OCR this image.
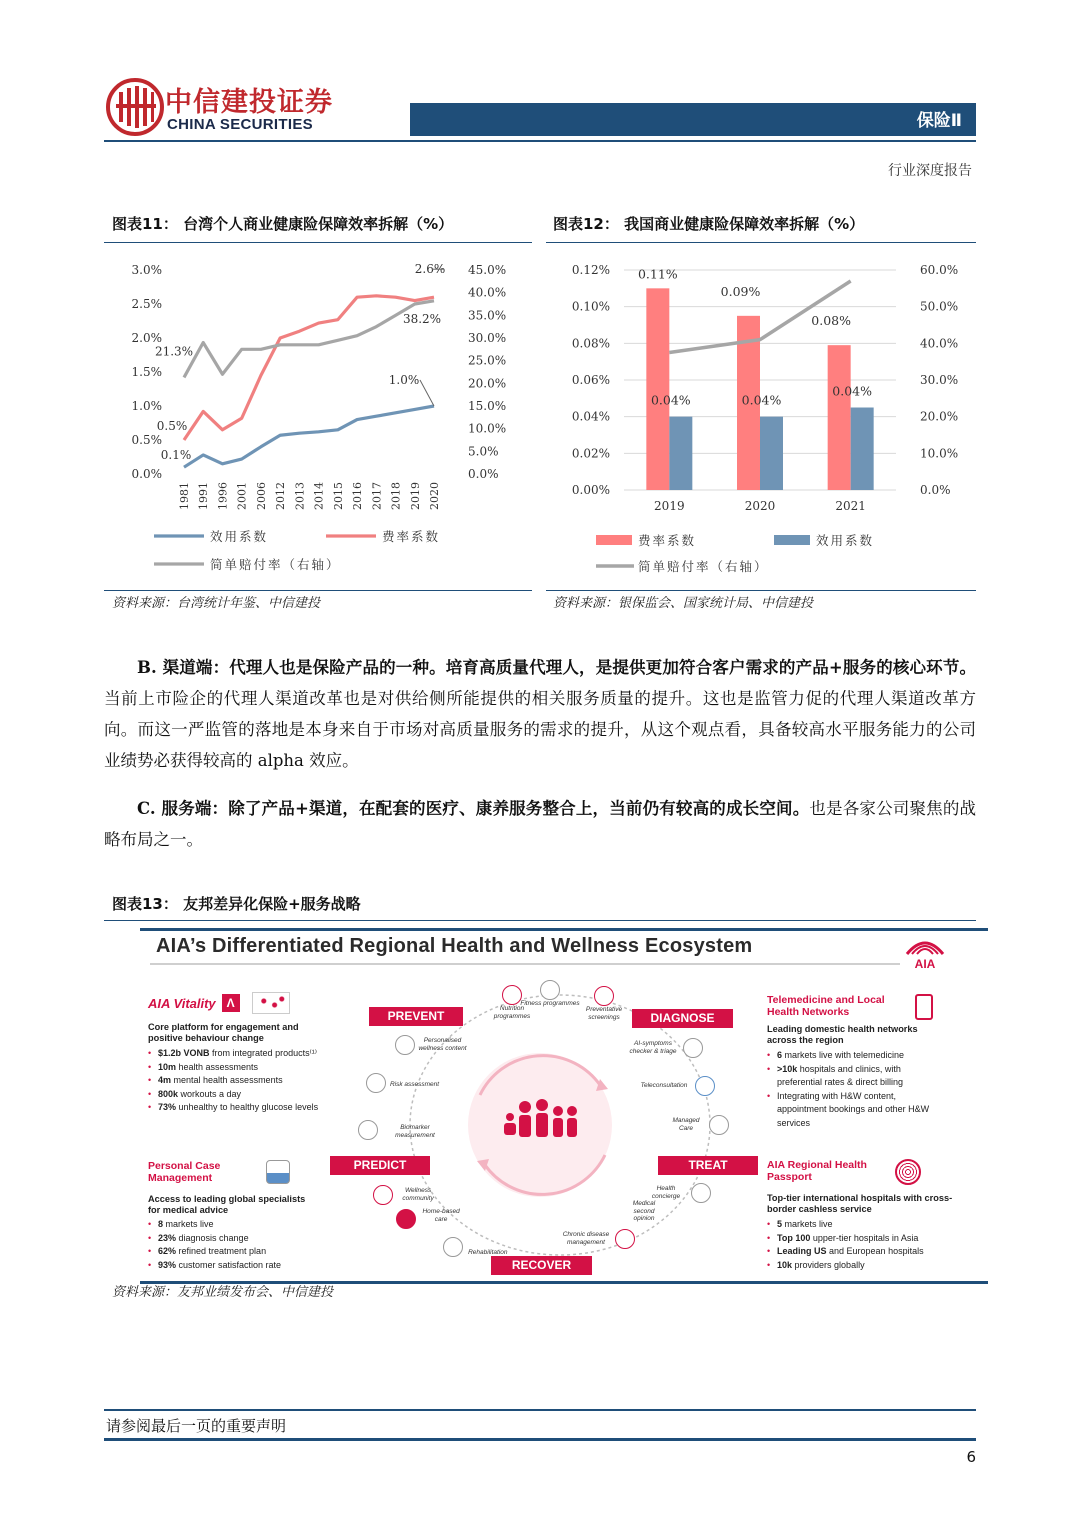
中信建投证券
CHINA SECURITIES	保险Ⅱ
行业深度报告
图表11： 台湾个人商业健康险保障效率拆解（%）	图表12： 我国商业健康险保障效率拆解（%）
3.0%
2.5%
2.0%
1.5%
1.0%
0.5%
0.0%
45.0%
40.0%
35.0%
30.0%
25.0%
20.0%
15.0%
10.0%
5.0%
0.0%
1981 1991 1996 2001 2006 2012 2013 2014 2015 2016 2017 2018 2019 2020
2.6%
38.2%
21.3%
1.0%
0.5%
0.1%
效用系数	费率系数
简单赔付率（右轴）
0.12%
0.10%
0.08%
0.06%
0.04%
0.02%
0.00%
60.0%
50.0%
40.0%
30.0%
20.0%
10.0%
0.0%
2019
0.11%
0.04%
2020
0.09%
0.04%
2021
0.08%
0.04%
费率系数	效用系数
简单赔付率（右轴）
资料来源：台湾统计年鉴、中信建投	资料来源：银保监会、国家统计局、中信建投
B. 渠道端：代理人也是保险产品的一种。培育高质量代理人，是提供更加符合客户需求的产品+服务的核心环节。当前上市险企的代理人渠道改革也是对供给侧所能提供的相关服务质量的提升。这也是监管力促的代理人渠道改革方向。而这一严监管的落地是本身来自于市场对高质量服务的需求的提升，从这个观点看，具备较高水平服务能力的公司业绩势必获得较高的 alpha 效应。
C. 服务端：除了产品+渠道，在配套的医疗、康养服务整合上，当前仍有较高的成长空间。也是各家公司聚焦的战略布局之一。
图表13： 友邦差异化保险+服务战略
AIA’s Differentiated Regional Health and Wellness Ecosystem
AIA
AIA Vitality Λ
Core platform for engagement and positive behaviour change
• $1.2b VONB from integrated products⁽¹⁾
• 10m health assessments
• 4m mental health assessments
• 800k workouts a day
• 73% unhealthy to healthy glucose levels
Personal Case Management
Access to leading global specialists for medical advice
• 8 markets live
• 23% diagnosis change
• 62% refined treatment plan
• 93% customer satisfaction rate
Telemedicine and Local Health Networks
Leading domestic health networks across the region
• 6 markets live with telemedicine
• >10k hospitals and clinics, with preferential rates & direct billing
• Integrating with H&W content, appointment bookings and other H&W services
AIA Regional Health Passport
Top-tier international hospitals with cross-border cashless service
• 5 markets live
• Top 100 upper-tier hospitals in Asia
• Leading US and European hospitals
• 10k providers globally
PREVENT	DIAGNOSE
PREDICT	TREAT
RECOVER
Nutrition programmes
Fitness programmes
Preventative screenings
Personalised wellness content
Risk assessment
Biomarker measurement
AI-symptoms checker & triage
Teleconsultation
Managed Care
Wellness community
Home-based care
Rehabilitation
Chronic disease management
Medical second opinion
Health concierge
资料来源：友邦业绩发布会、中信建投
请参阅最后一页的重要声明
6
